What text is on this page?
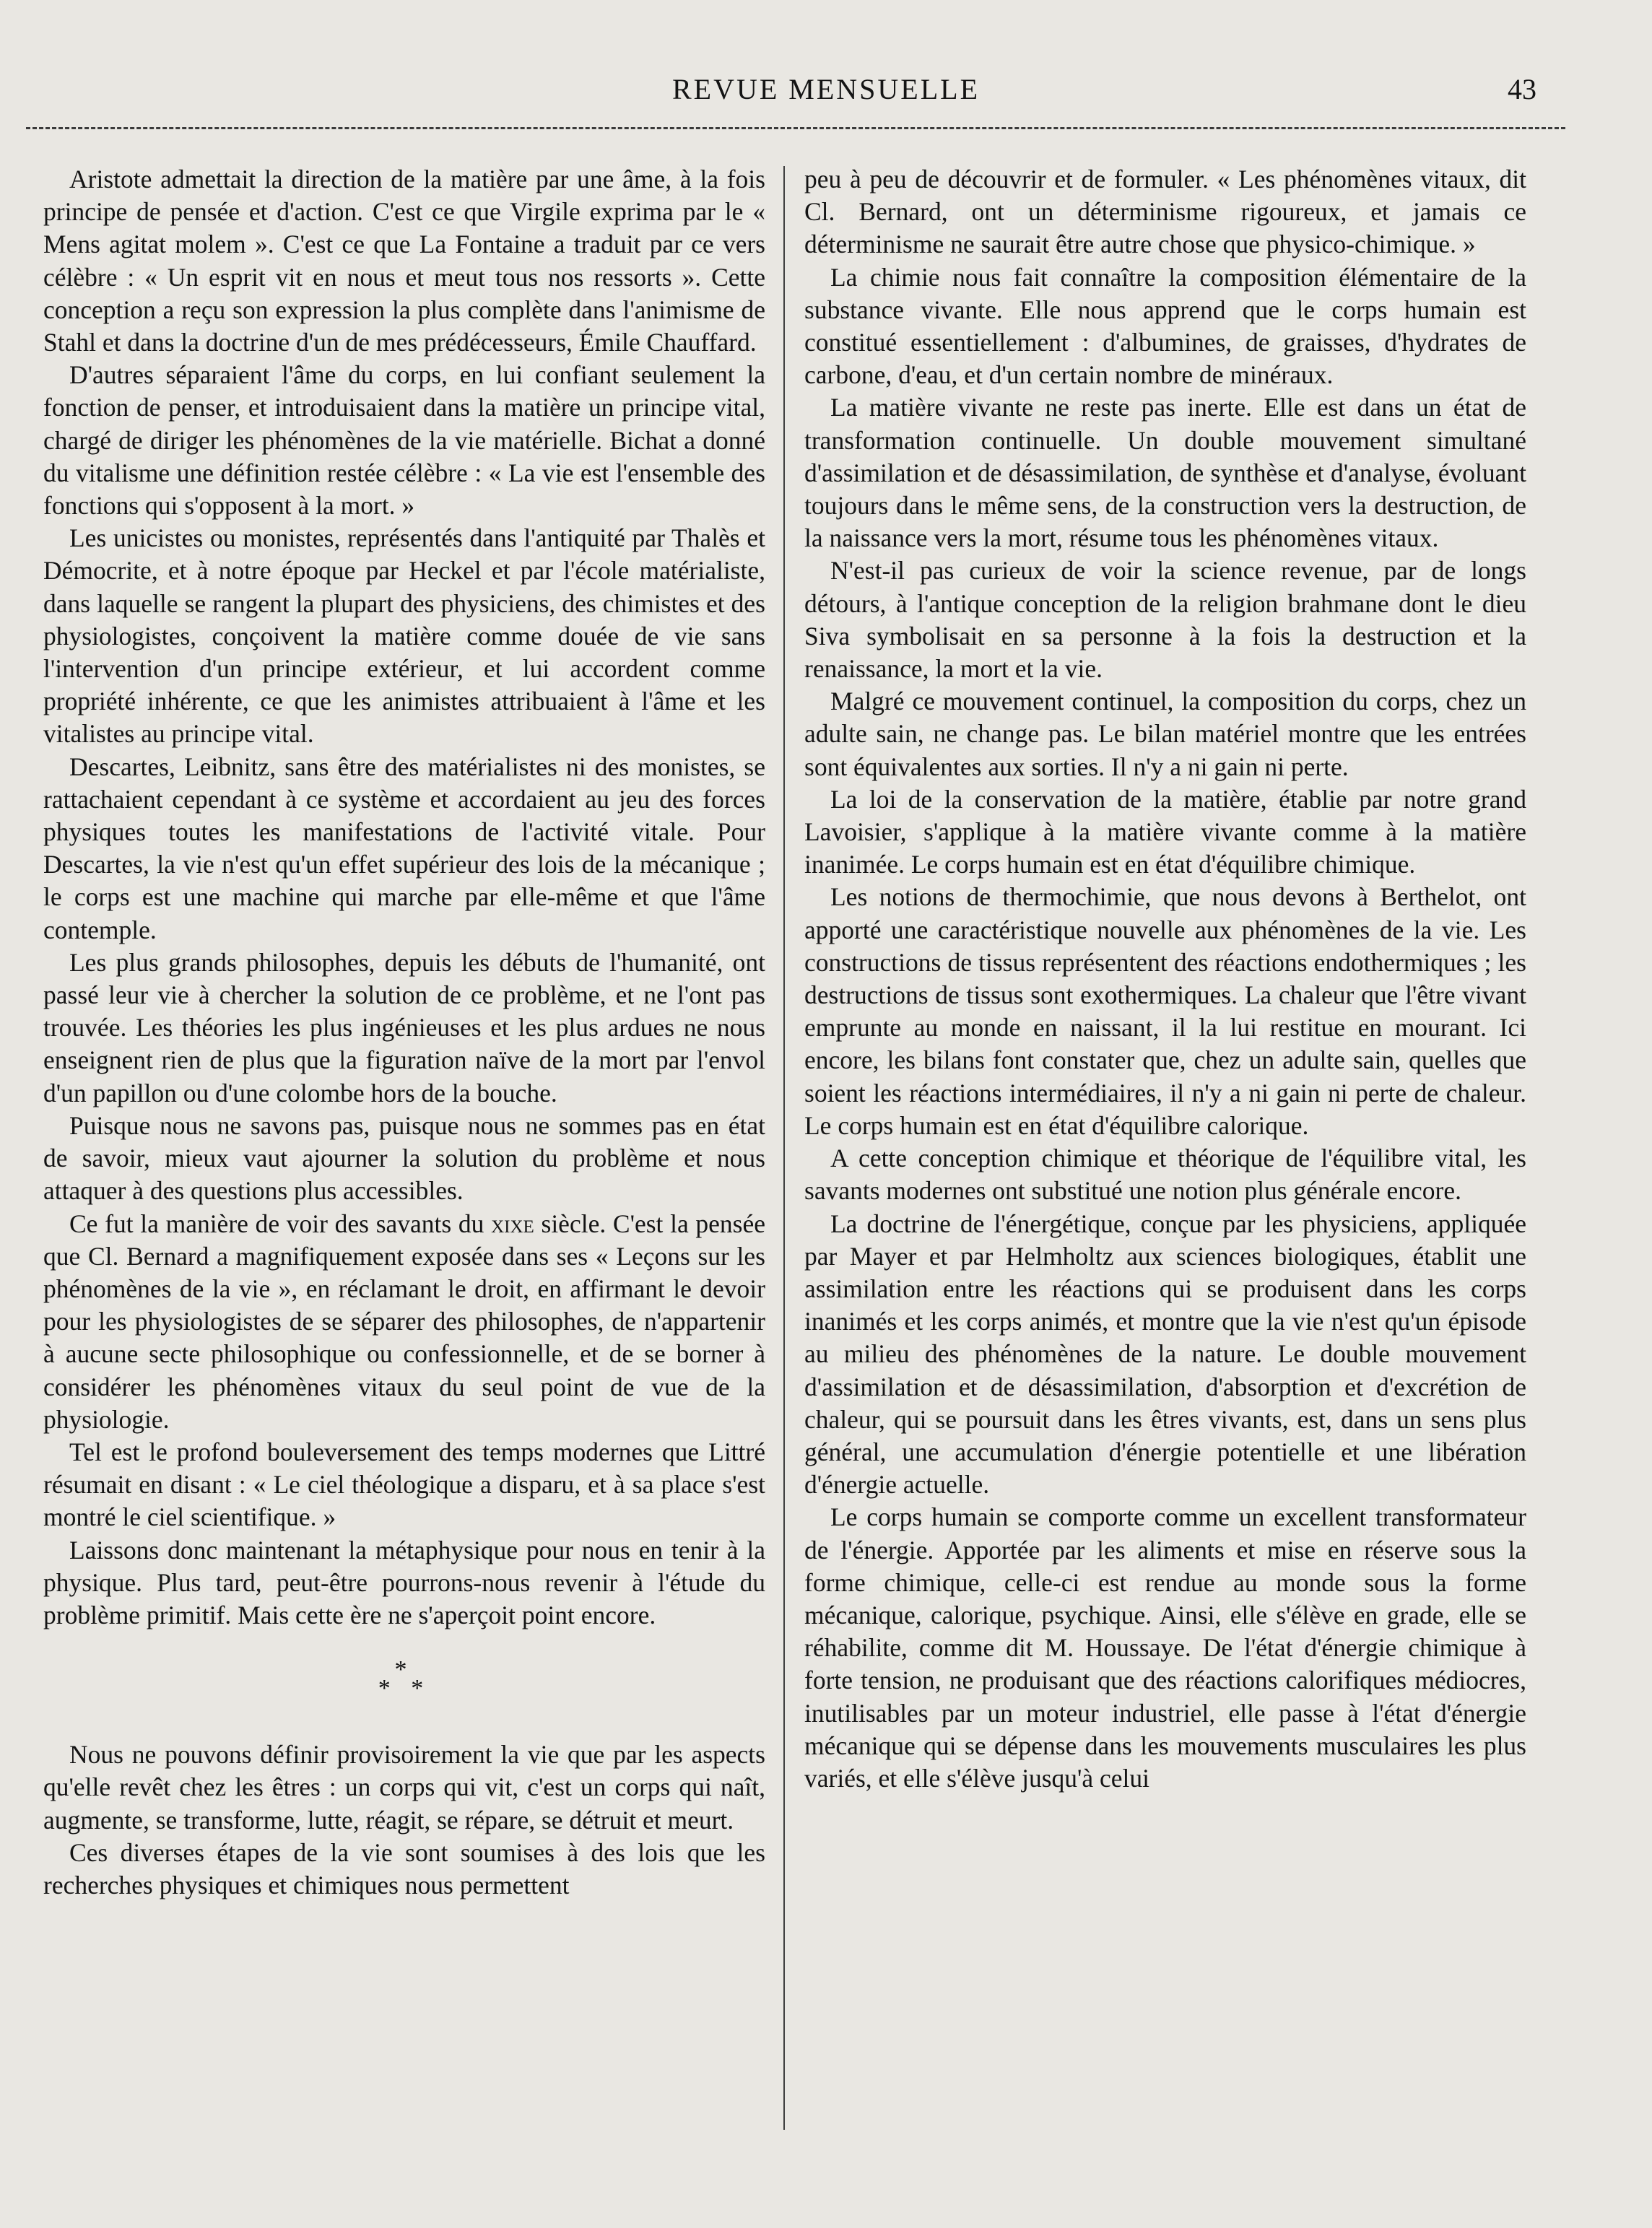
REVUE MENSUELLE	43

Aristote admettait la direction de la matière par une âme, à la fois principe de pensée et d'action. C'est ce que Virgile exprima par le « Mens agitat molem ». C'est ce que La Fontaine a traduit par ce vers célèbre : « Un esprit vit en nous et meut tous nos ressorts ». Cette conception a reçu son expression la plus complète dans l'animisme de Stahl et dans la doctrine d'un de mes prédécesseurs, Émile Chauffard.

D'autres séparaient l'âme du corps, en lui confiant seulement la fonction de penser, et introduisaient dans la matière un principe vital, chargé de diriger les phénomènes de la vie matérielle. Bichat a donné du vitalisme une définition restée célèbre : « La vie est l'ensemble des fonctions qui s'opposent à la mort. »

Les unicistes ou monistes, représentés dans l'antiquité par Thalès et Démocrite, et à notre époque par Heckel et par l'école matérialiste, dans laquelle se rangent la plupart des physiciens, des chimistes et des physiologistes, conçoivent la matière comme douée de vie sans l'intervention d'un principe extérieur, et lui accordent comme propriété inhérente, ce que les animistes attribuaient à l'âme et les vitalistes au principe vital.

Descartes, Leibnitz, sans être des matérialistes ni des monistes, se rattachaient cependant à ce système et accordaient au jeu des forces physiques toutes les manifestations de l'activité vitale. Pour Descartes, la vie n'est qu'un effet supérieur des lois de la mécanique ; le corps est une machine qui marche par elle-même et que l'âme contemple.

Les plus grands philosophes, depuis les débuts de l'humanité, ont passé leur vie à chercher la solution de ce problème, et ne l'ont pas trouvée. Les théories les plus ingénieuses et les plus ardues ne nous enseignent rien de plus que la figuration naïve de la mort par l'envol d'un papillon ou d'une colombe hors de la bouche.

Puisque nous ne savons pas, puisque nous ne sommes pas en état de savoir, mieux vaut ajourner la solution du problème et nous attaquer à des questions plus accessibles.

Ce fut la manière de voir des savants du xixe siècle. C'est la pensée que Cl. Bernard a magnifiquement exposée dans ses « Leçons sur les phénomènes de la vie », en réclamant le droit, en affirmant le devoir pour les physiologistes de se séparer des philosophes, de n'appartenir à aucune secte philosophique ou confessionnelle, et de se borner à considérer les phénomènes vitaux du seul point de vue de la physiologie.

Tel est le profond bouleversement des temps modernes que Littré résumait en disant : « Le ciel théologique a disparu, et à sa place s'est montré le ciel scientifique. »

Laissons donc maintenant la métaphysique pour nous en tenir à la physique. Plus tard, peut-être pourrons-nous revenir à l'étude du problème primitif. Mais cette ère ne s'aperçoit point encore.

*
* *

Nous ne pouvons définir provisoirement la vie que par les aspects qu'elle revêt chez les êtres : un corps qui vit, c'est un corps qui naît, augmente, se transforme, lutte, réagit, se répare, se détruit et meurt.

Ces diverses étapes de la vie sont soumises à des lois que les recherches physiques et chimiques nous permettent

peu à peu de découvrir et de formuler. « Les phénomènes vitaux, dit Cl. Bernard, ont un déterminisme rigoureux, et jamais ce déterminisme ne saurait être autre chose que physico-chimique. »

La chimie nous fait connaître la composition élémentaire de la substance vivante. Elle nous apprend que le corps humain est constitué essentiellement : d'albumines, de graisses, d'hydrates de carbone, d'eau, et d'un certain nombre de minéraux.

La matière vivante ne reste pas inerte. Elle est dans un état de transformation continuelle. Un double mouvement simultané d'assimilation et de désassimilation, de synthèse et d'analyse, évoluant toujours dans le même sens, de la construction vers la destruction, de la naissance vers la mort, résume tous les phénomènes vitaux.

N'est-il pas curieux de voir la science revenue, par de longs détours, à l'antique conception de la religion brahmane dont le dieu Siva symbolisait en sa personne à la fois la destruction et la renaissance, la mort et la vie.

Malgré ce mouvement continuel, la composition du corps, chez un adulte sain, ne change pas. Le bilan matériel montre que les entrées sont équivalentes aux sorties. Il n'y a ni gain ni perte.

La loi de la conservation de la matière, établie par notre grand Lavoisier, s'applique à la matière vivante comme à la matière inanimée. Le corps humain est en état d'équilibre chimique.

Les notions de thermochimie, que nous devons à Berthelot, ont apporté une caractéristique nouvelle aux phénomènes de la vie. Les constructions de tissus représentent des réactions endothermiques ; les destructions de tissus sont exothermiques. La chaleur que l'être vivant emprunte au monde en naissant, il la lui restitue en mourant. Ici encore, les bilans font constater que, chez un adulte sain, quelles que soient les réactions intermédiaires, il n'y a ni gain ni perte de chaleur. Le corps humain est en état d'équilibre calorique.

A cette conception chimique et théorique de l'équilibre vital, les savants modernes ont substitué une notion plus générale encore.

La doctrine de l'énergétique, conçue par les physiciens, appliquée par Mayer et par Helmholtz aux sciences biologiques, établit une assimilation entre les réactions qui se produisent dans les corps inanimés et les corps animés, et montre que la vie n'est qu'un épisode au milieu des phénomènes de la nature. Le double mouvement d'assimilation et de désassimilation, d'absorption et d'excrétion de chaleur, qui se poursuit dans les êtres vivants, est, dans un sens plus général, une accumulation d'énergie potentielle et une libération d'énergie actuelle.

Le corps humain se comporte comme un excellent transformateur de l'énergie. Apportée par les aliments et mise en réserve sous la forme chimique, celle-ci est rendue au monde sous la forme mécanique, calorique, psychique. Ainsi, elle s'élève en grade, elle se réhabilite, comme dit M. Houssaye. De l'état d'énergie chimique à forte tension, ne produisant que des réactions calorifiques médiocres, inutilisables par un moteur industriel, elle passe à l'état d'énergie mécanique qui se dépense dans les mouvements musculaires les plus variés, et elle s'élève jusqu'à celui
